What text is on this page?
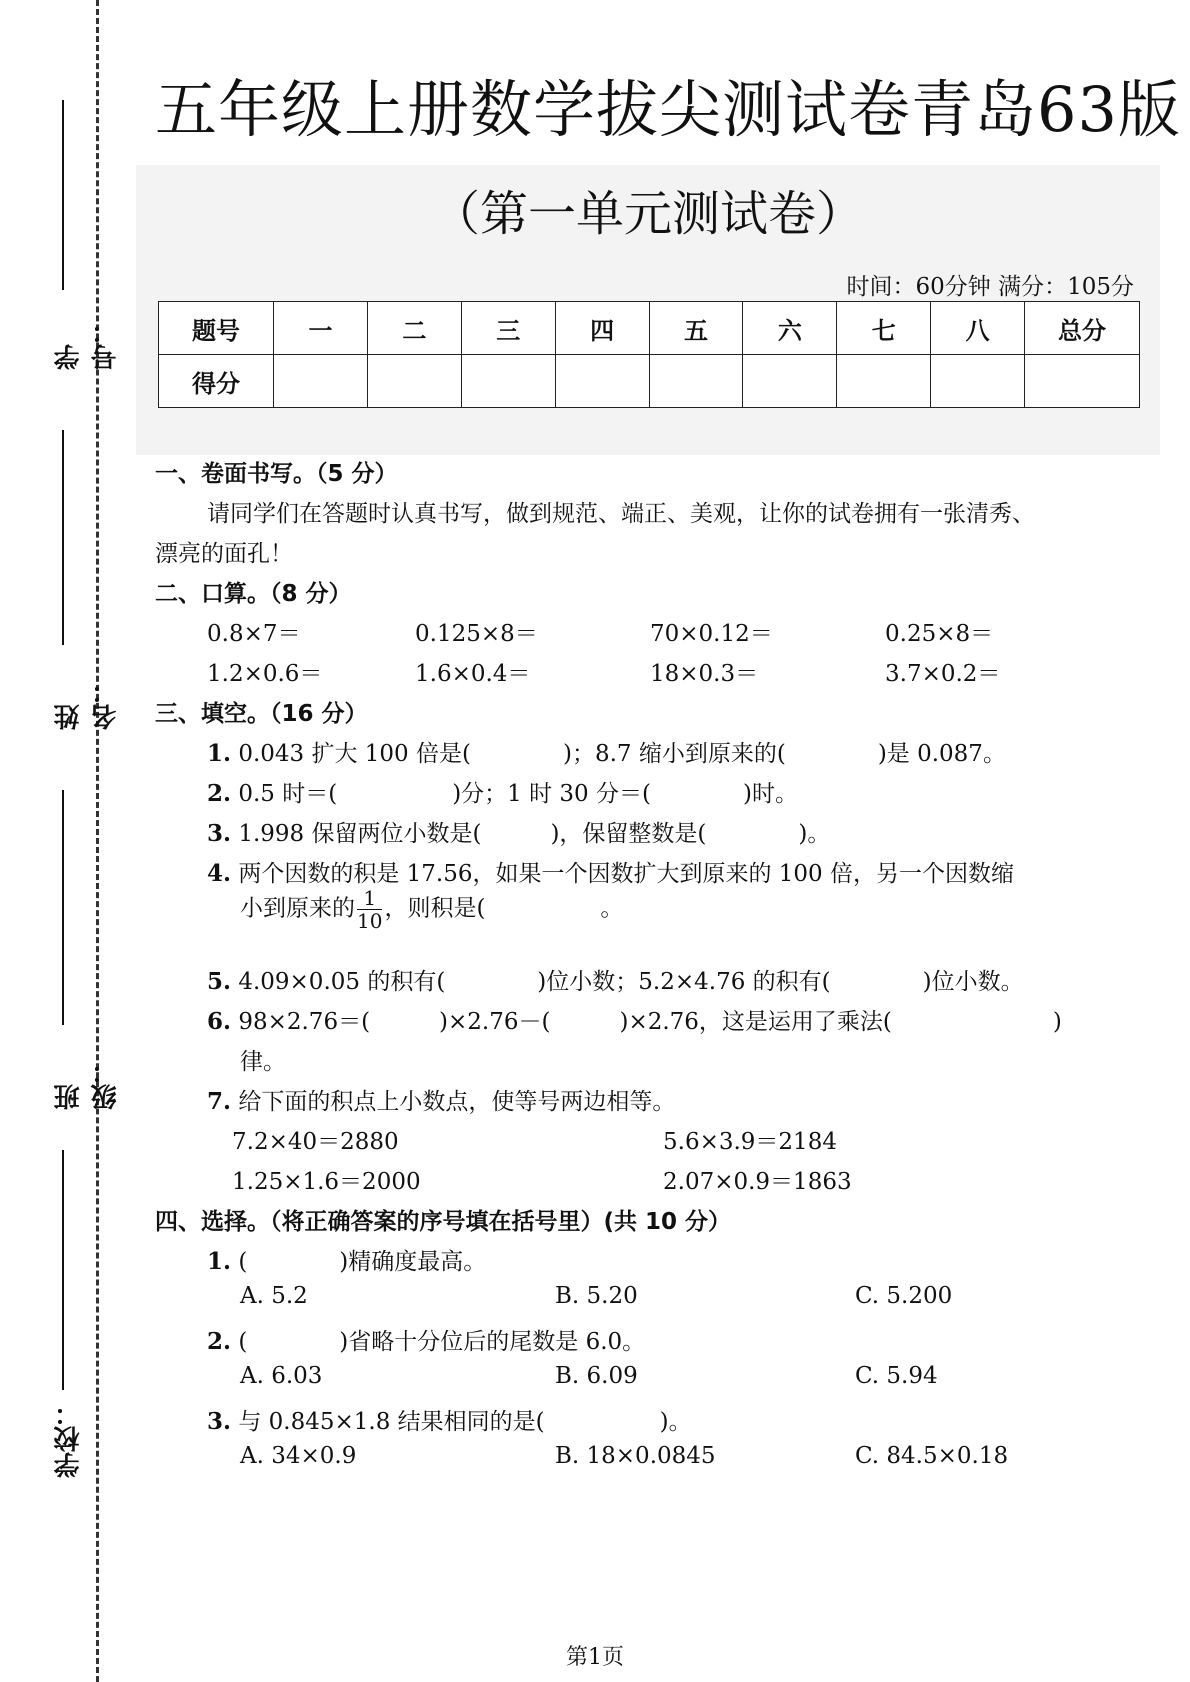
学号：
姓名：
班级：
学校：
五年级上册数学拔尖测试卷青岛63版
（第一单元测试卷）
时间：60分钟 满分：105分
题号	一	二	三	四	五	六	七	八	总分
得分									
一、卷面书写。（5 分）
请同学们在答题时认真书写，做到规范、端正、美观，让你的试卷拥有一张清秀、
漂亮的面孔！
二、口算。（8 分）
0.8×7＝	0.125×8＝	70×0.12＝	0.25×8＝
1.2×0.6＝	1.6×0.4＝	18×0.3＝	3.7×0.2＝
三、填空。（16 分）
1. 0.043 扩大 100 倍是(　　　　)；8.7 缩小到原来的(　　　　)是 0.087。
2. 0.5 时＝(　　　　　)分；1 时 30 分＝(　　　　)时。
3. 1.998 保留两位小数是(　　　)，保留整数是(　　　　)。
4. 两个因数的积是 17.56，如果一个因数扩大到原来的 100 倍，另一个因数缩
小到原来的 $\frac{1}{10}$ ，则积是(　　　　　。
5. 4.09×0.05 的积有(　　　　)位小数；5.2×4.76 的积有(　　　　)位小数。
6. 98×2.76＝(　　　)×2.76－(　　　)×2.76，这是运用了乘法(　　　　　　　)
律。
7. 给下面的积点上小数点，使等号两边相等。
7.2×40＝2880	5.6×3.9＝2184
1.25×1.6＝2000	2.07×0.9＝1863
四、选择。（将正确答案的序号填在括号里）(共 10 分）
1. (　　　　)精确度最高。
A. 5.2	B. 5.20	C. 5.200
2. (　　　　)省略十分位后的尾数是 6.0。
A. 6.03	B. 6.09	C. 5.94
3. 与 0.845×1.8 结果相同的是(　　　　　)。
A. 34×0.9	B. 18×0.0845	C. 84.5×0.18
第1页
